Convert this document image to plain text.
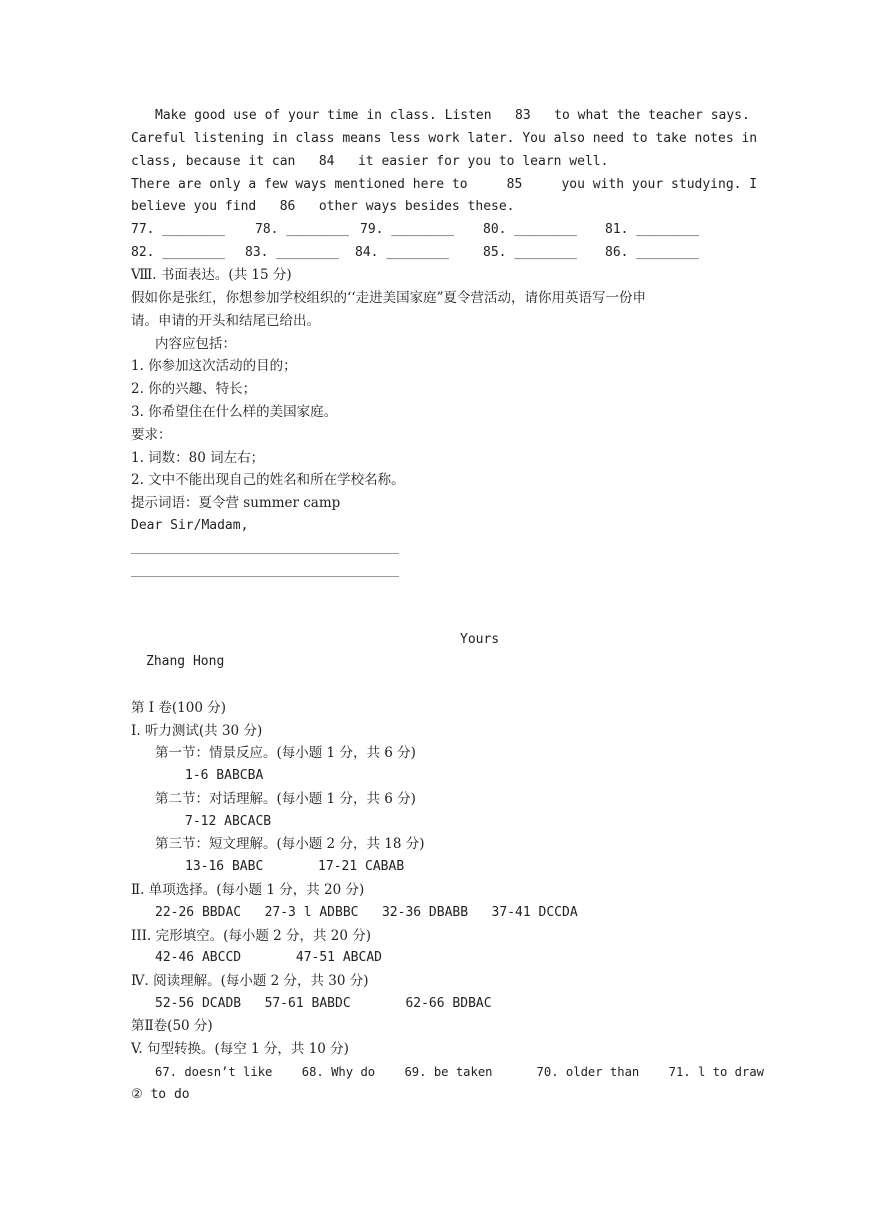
Make good use of your time in class. Listen   83   to what the teacher says.
Careful listening in class means less work later. You also need to take notes in
class, because it can   84   it easier for you to learn well.
There are only a few ways mentioned here to     85     you with your studying. I
believe you find   86   other ways besides these.
77. ________ 78. ________ 79. ________ 80. ________ 81. ________
82. ________ 83. ________ 84. ________	85. ________ 86. ________
Ⅷ. 书面表达。(共 15 分)
假如你是张红，你想参加学校组织的‘‘走进美国家庭”夏令营活动，请你用英语写一份申
请。申请的开头和结尾已给出。
内容应包括：
1. 你参加这次活动的目的；
2. 你的兴趣、特长；
3. 你希望住在什么样的美国家庭。
要求：
1. 词数：80 词左右；
2. 文中不能出现自己的姓名和所在学校名称。
提示词语：夏令营 summer camp
Dear Sir/Madam,
Yours
Zhang Hong
第 I 卷(100 分)
I. 听力测试(共 30 分)
第一节：情景反应。(每小题 1 分，共 6 分)
1-6 BABCBA
第二节：对话理解。(每小题 1 分，共 6 分)
7-12 ABCACB
第三节：短文理解。(每小题 2 分，共 18 分)
13-16 BABC       17-21 CABAB
Ⅱ. 单项选择。(每小题 1 分，共 20 分)
22-26 BBDAC   27-3 l ADBBC   32-36 DBABB   37-41 DCCDA
III. 完形填空。(每小题 2 分，共 20 分)
42-46 ABCCD       47-51 ABCAD
Ⅳ. 阅读理解。(每小题 2 分，共 30 分)
52-56 DCADB   57-61 BABDC       62-66 BDBAC
第Ⅱ卷(50 分)
V. 句型转换。(每空 1 分，共 10 分)
67. doesn’t like    68. Why do    69. be taken      70. older than    71. l to draw
② to do
